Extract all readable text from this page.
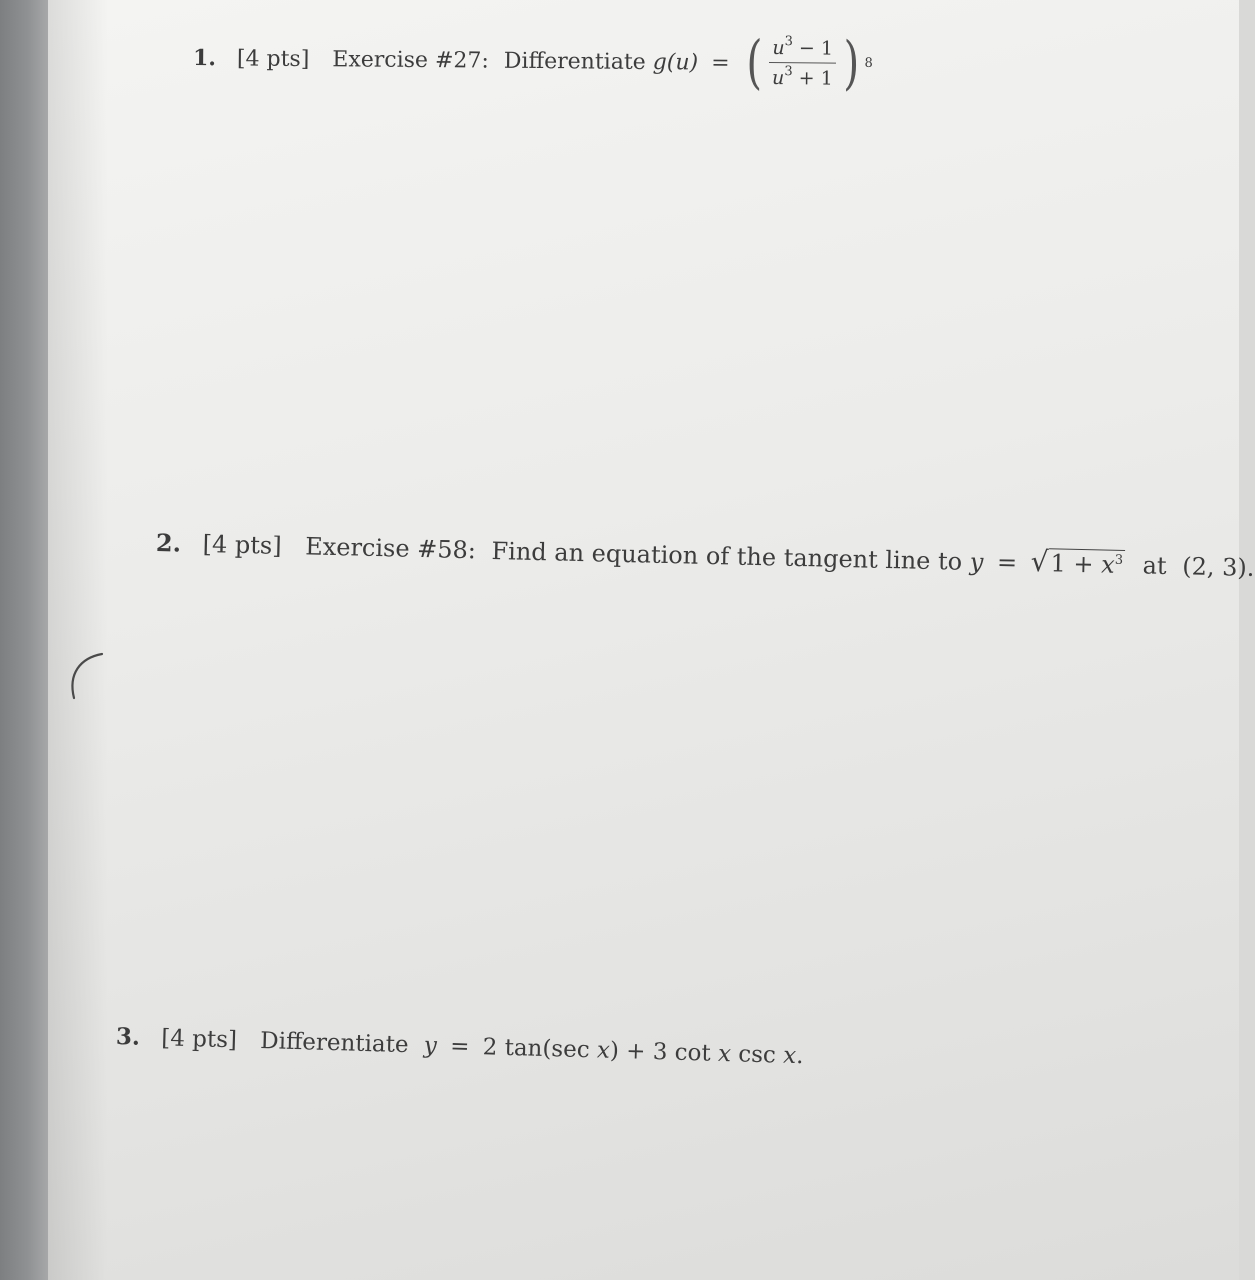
1. [4 pts] Exercise #27: Differentiate g(u) = ( $\frac{u^3 - 1}{u^3 + 1}$ ) 8
2. [4 pts] Exercise #58: Find an equation of the tangent line to y = √ $1 + x^3$ at (2, 3).
3. [4 pts] Differentiate y = 2 tan(sec x) + 3 cot x csc x.
